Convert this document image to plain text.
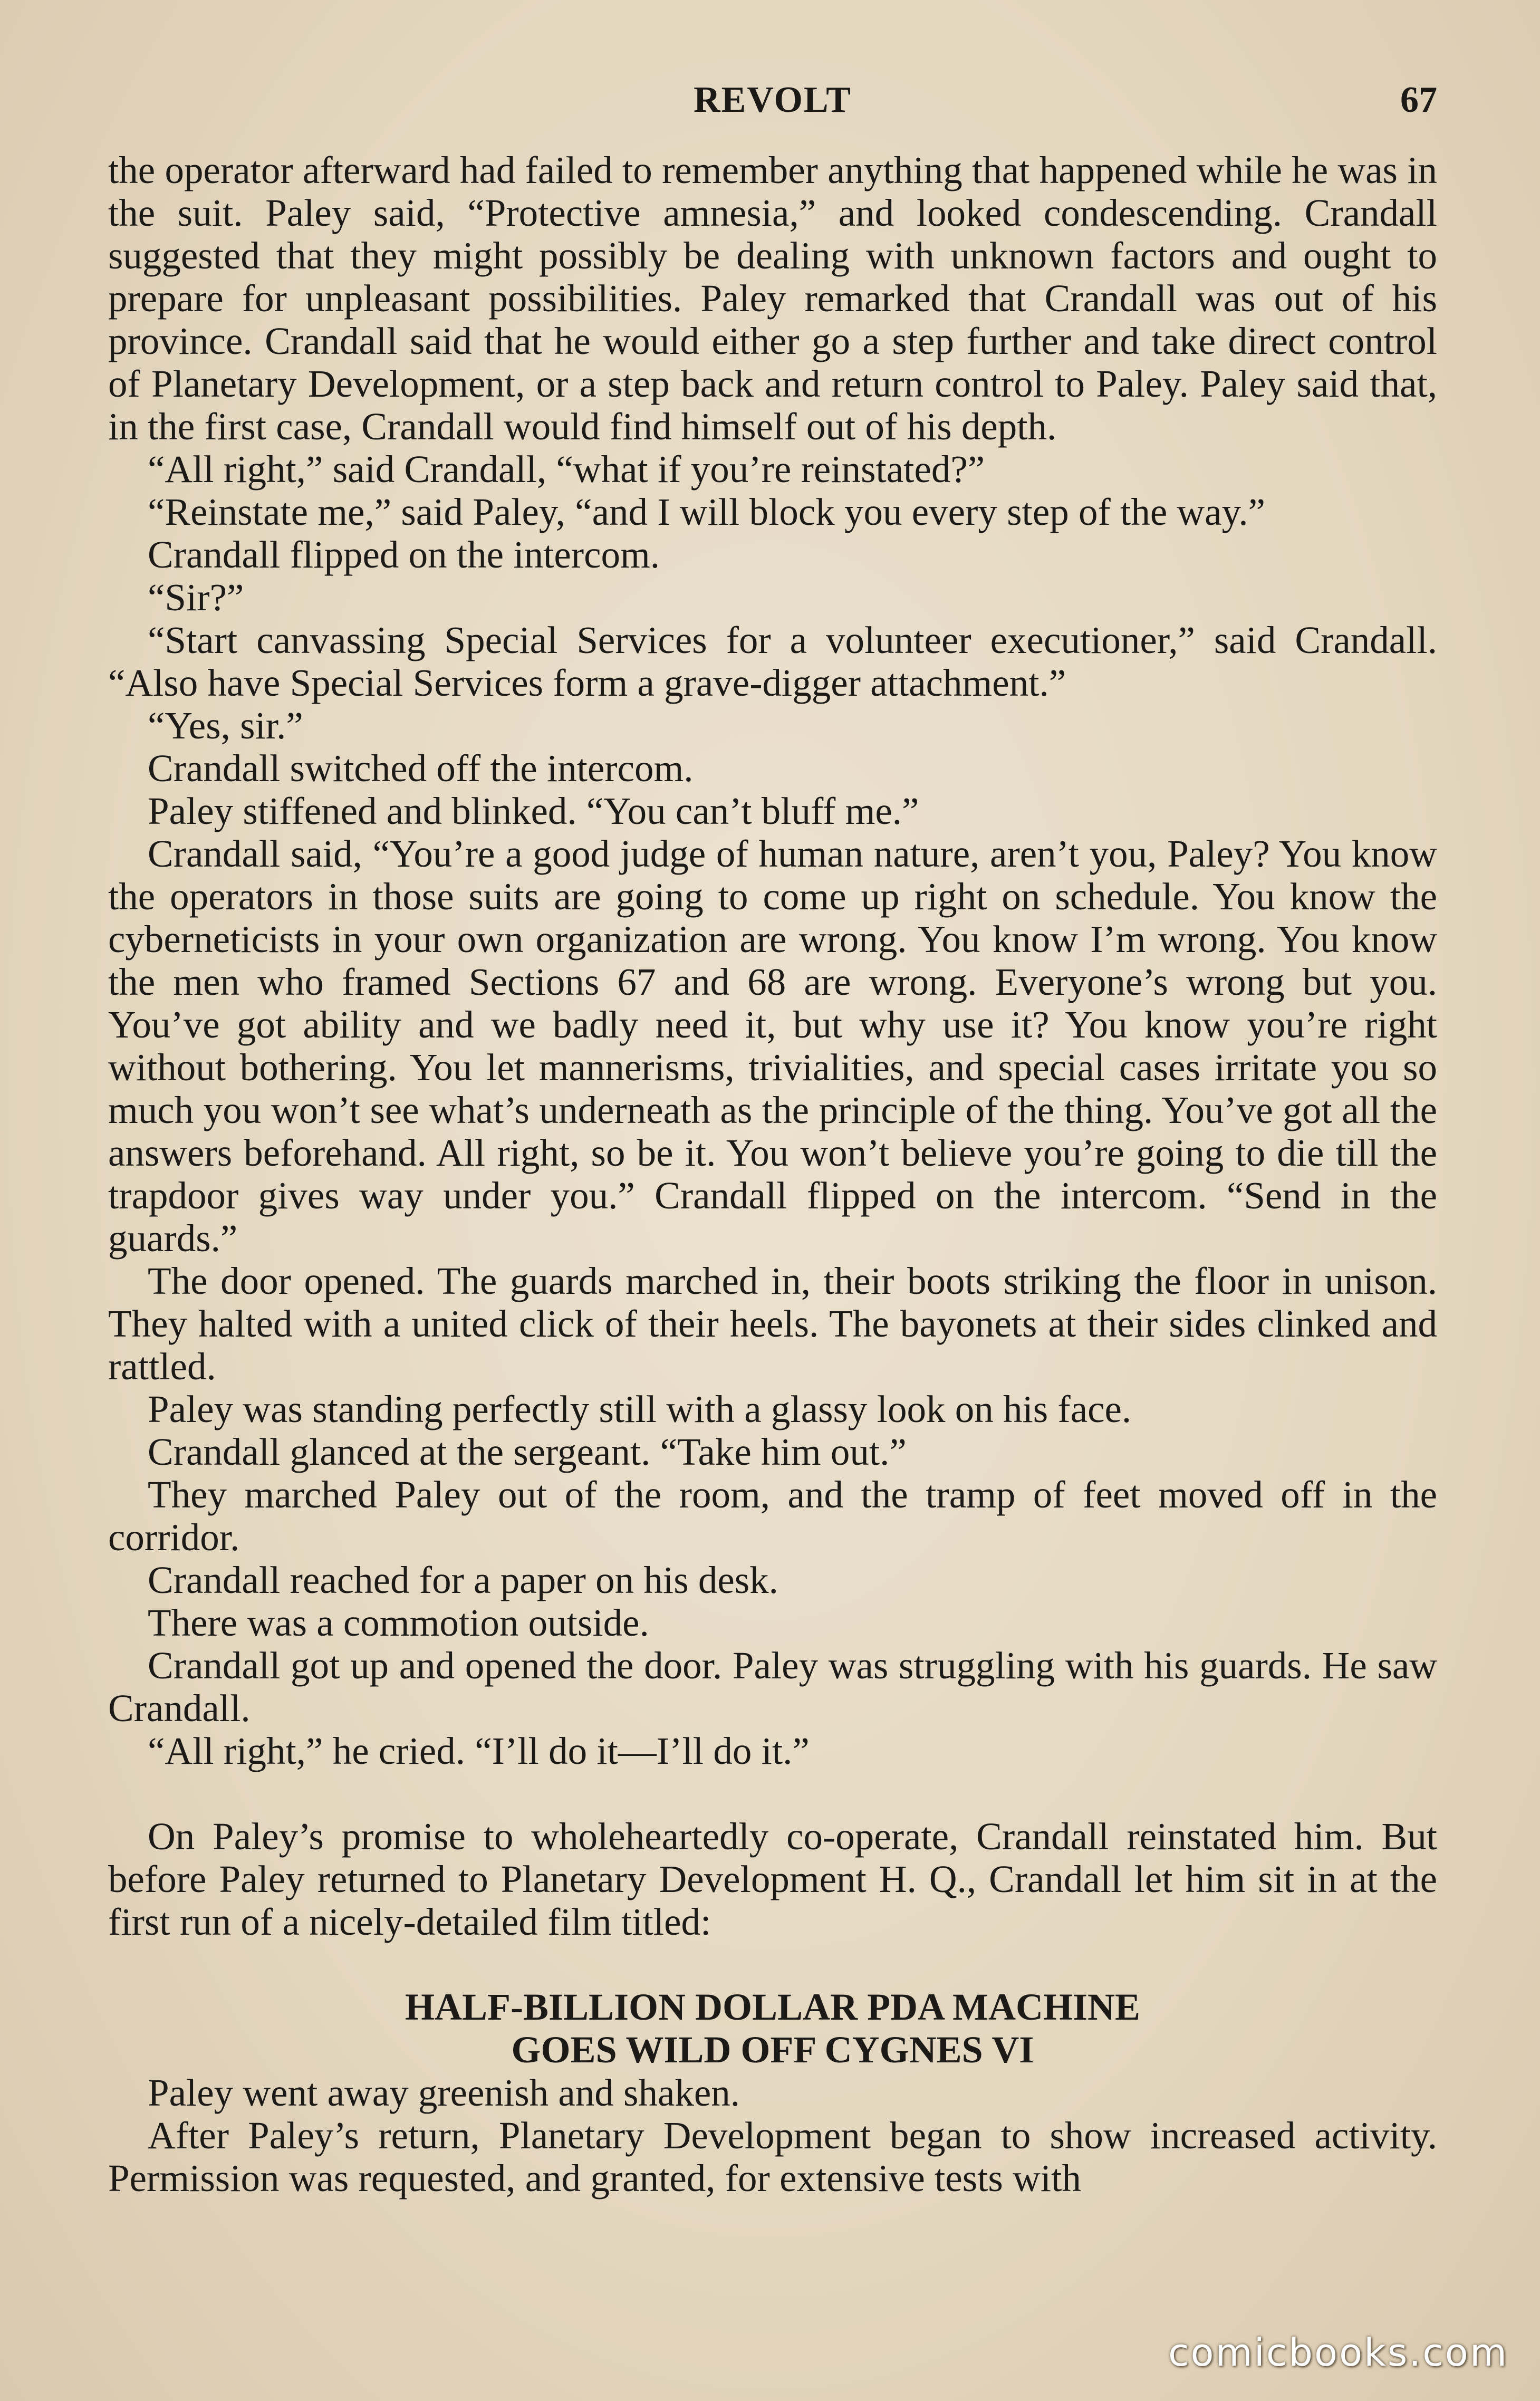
REVOLT	67

the operator afterward had failed to remember anything that happened while he was in the suit. Paley said, “Protective amnesia,” and looked condescending. Crandall suggested that they might possibly be dealing with unknown factors and ought to prepare for unpleasant possibilities. Paley remarked that Crandall was out of his province. Crandall said that he would either go a step further and take direct control of Planetary Development, or a step back and return control to Paley. Paley said that, in the first case, Crandall would find himself out of his depth.

“All right,” said Crandall, “what if you’re reinstated?”

“Reinstate me,” said Paley, “and I will block you every step of the way.”

Crandall flipped on the intercom.

“Sir?”

“Start canvassing Special Services for a volunteer executioner,” said Crandall. “Also have Special Services form a grave-digger attachment.”

“Yes, sir.”

Crandall switched off the intercom.

Paley stiffened and blinked. “You can’t bluff me.”

Crandall said, “You’re a good judge of human nature, aren’t you, Paley? You know the operators in those suits are going to come up right on schedule. You know the cyberneticists in your own organization are wrong. You know I’m wrong. You know the men who framed Sections 67 and 68 are wrong. Everyone’s wrong but you. You’ve got ability and we badly need it, but why use it? You know you’re right without bothering. You let mannerisms, trivialities, and special cases irritate you so much you won’t see what’s underneath as the principle of the thing. You’ve got all the answers beforehand. All right, so be it. You won’t believe you’re going to die till the trapdoor gives way under you.” Crandall flipped on the intercom. “Send in the guards.”

The door opened. The guards marched in, their boots striking the floor in unison. They halted with a united click of their heels. The bayonets at their sides clinked and rattled.

Paley was standing perfectly still with a glassy look on his face.

Crandall glanced at the sergeant. “Take him out.”

They marched Paley out of the room, and the tramp of feet moved off in the corridor.

Crandall reached for a paper on his desk.

There was a commotion outside.

Crandall got up and opened the door. Paley was struggling with his guards. He saw Crandall.

“All right,” he cried. “I’ll do it—I’ll do it.”

On Paley’s promise to wholeheartedly co-operate, Crandall reinstated him. But before Paley returned to Planetary Development H. Q., Crandall let him sit in at the first run of a nicely-detailed film titled:

HALF-BILLION DOLLAR PDA MACHINE
GOES WILD OFF CYGNES VI

Paley went away greenish and shaken.

After Paley’s return, Planetary Development began to show increased activity. Permission was requested, and granted, for extensive tests with

comicbooks.com
